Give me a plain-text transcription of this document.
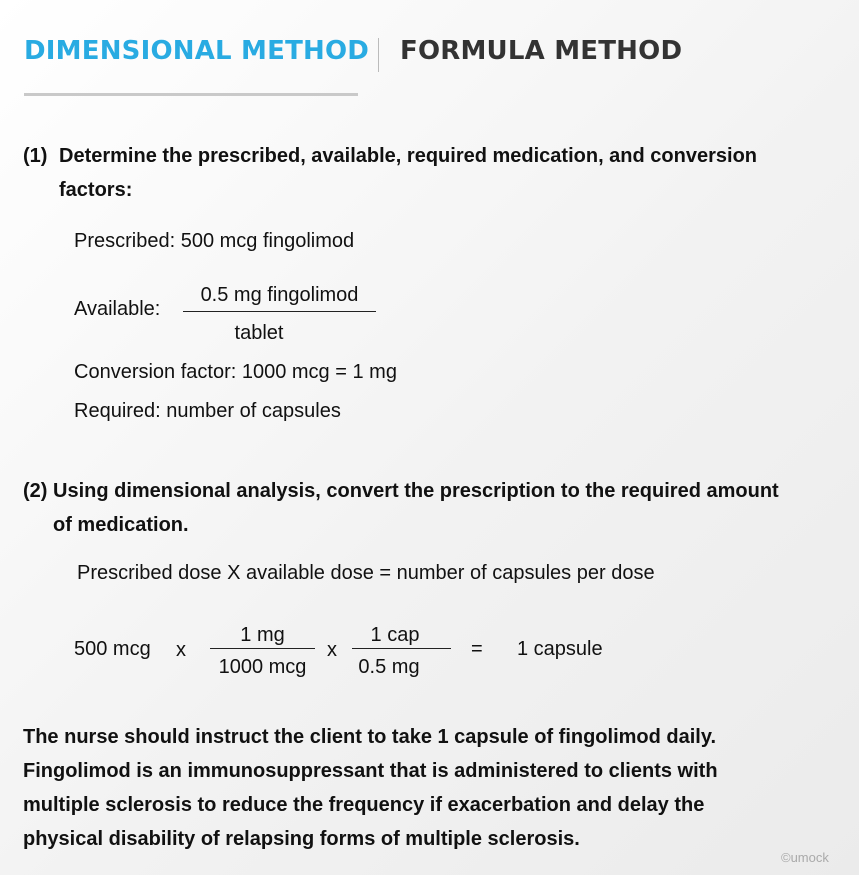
DIMENSIONAL METHOD FORMULA METHOD
(1) Determine the prescribed, available, required medication, and conversion
factors:
Prescribed: 500 mcg fingolimod
Available:
0.5 mg fingolimod
tablet
Conversion factor: 1000 mcg = 1 mg
Required: number of capsules
(2) Using dimensional analysis, convert the prescription to the required amount
of medication.
Prescribed dose X available dose = number of capsules per dose
500 mcg x
1 mg
1000 mcg
x
1 cap
0.5 mg
= 1 capsule
The nurse should instruct the client to take 1 capsule of fingolimod daily.
Fingolimod is an immunosuppressant that is administered to clients with
multiple sclerosis to reduce the frequency if exacerbation and delay the
physical disability of relapsing forms of multiple sclerosis.
©umock
